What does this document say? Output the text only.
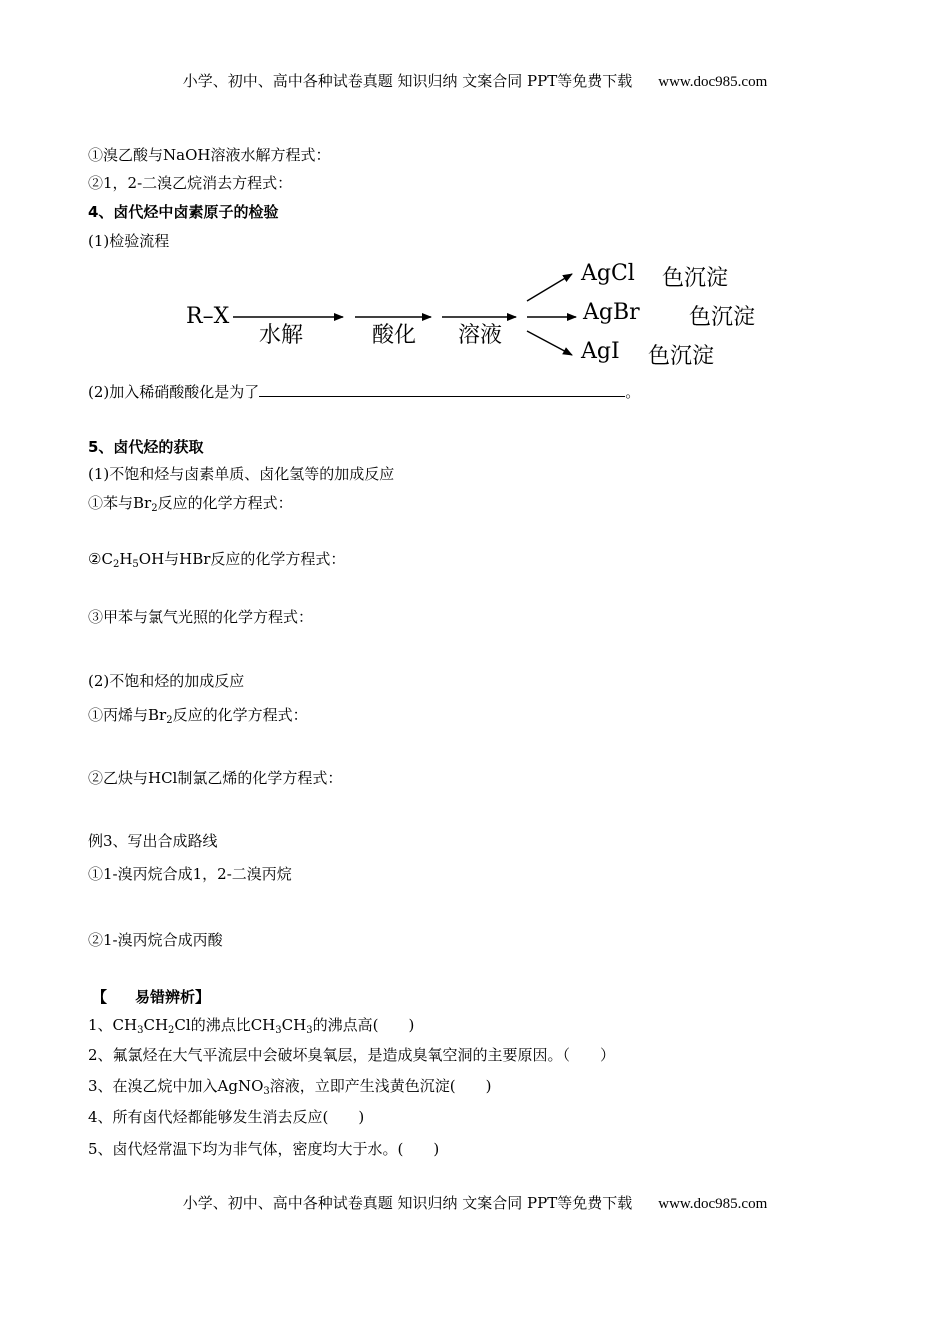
小学、初中、高中各种试卷真题 知识归纳 文案合同 PPT等免费下载 www.doc985.com
①溴乙酸与NaOH溶液水解方程式：
②1，2-二溴乙烷消去方程式：
4、卤代烃中卤素原子的检验
(1)检验流程
R–X
水解	酸化 溶液
AgCl 色沉淀
AgBr 色沉淀
AgI 色沉淀
(2)加入稀硝酸酸化是为了	。
5、卤代烃的获取
(1)不饱和烃与卤素单质、卤化氢等的加成反应
①苯与$Br_2$反应的化学方程式：
$②C_2H_5OH$与HBr反应的化学方程式：
③甲苯与氯气光照的化学方程式：
(2)不饱和烃的加成反应
①丙烯与$Br_2$反应的化学方程式：
②乙炔与HCl制氯乙烯的化学方程式：
例3、写出合成路线
①1-溴丙烷合成1，2-二溴丙烷
②1-溴丙烷合成丙酸
【 易错辨析】
1、$CH_3CH_2Cl$的沸点比$CH_3CH_3$的沸点高( )
2、氟氯烃在大气平流层中会破坏臭氧层，是造成臭氧空洞的主要原因。（ ）
3、在溴乙烷中加入AgNO$_3$溶液，立即产生浅黄色沉淀( )
4、所有卤代烃都能够发生消去反应( )
5、卤代烃常温下均为非气体，密度均大于水。( )
小学、初中、高中各种试卷真题 知识归纳 文案合同 PPT等免费下载 www.doc985.com
